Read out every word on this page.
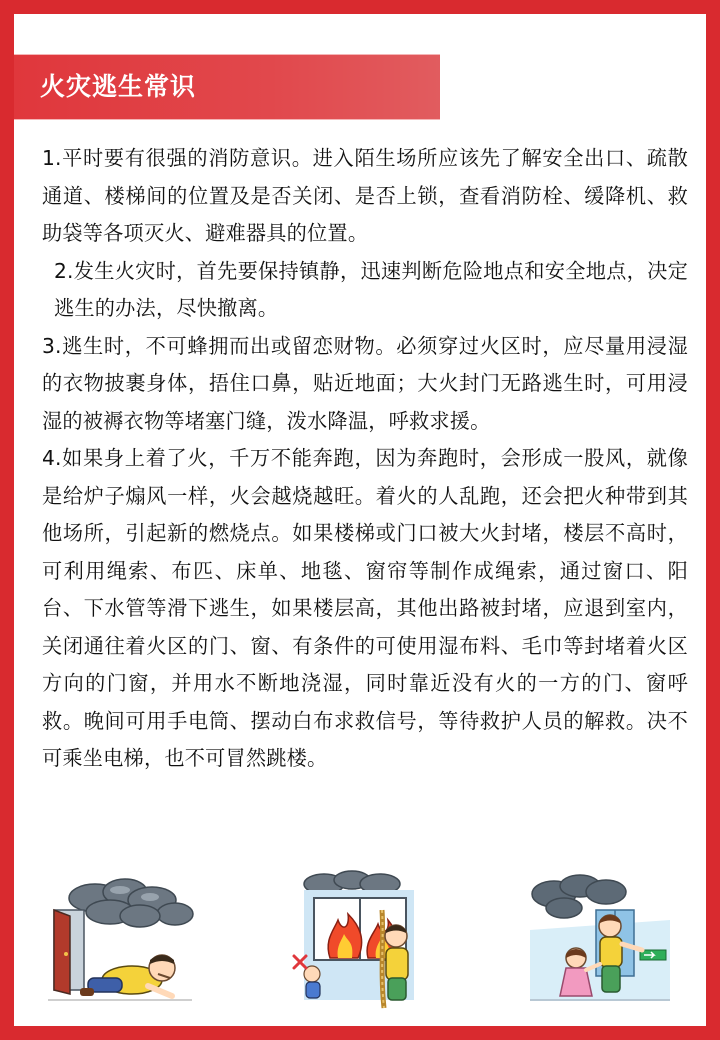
火灾逃生常识

1.平时要有很强的消防意识。进入陌生场所应该先了解安全出口、疏散通道、楼梯间的位置及是否关闭、是否上锁，查看消防栓、缓降机、救助袋等各项灭火、避难器具的位置。

2.发生火灾时，首先要保持镇静，迅速判断危险地点和安全地点，决定逃生的办法，尽快撤离。

3.逃生时，不可蜂拥而出或留恋财物。必须穿过火区时，应尽量用浸湿的衣物披裹身体，捂住口鼻，贴近地面；大火封门无路逃生时，可用浸湿的被褥衣物等堵塞门缝，泼水降温，呼救求援。

4.如果身上着了火，千万不能奔跑，因为奔跑时，会形成一股风，就像是给炉子煽风一样，火会越烧越旺。着火的人乱跑，还会把火种带到其他场所，引起新的燃烧点。如果楼梯或门口被大火封堵，楼层不高时，可利用绳索、布匹、床单、地毯、窗帘等制作成绳索，通过窗口、阳台、下水管等滑下逃生，如果楼层高，其他出路被封堵，应退到室内，关闭通往着火区的门、窗、有条件的可使用湿布料、毛巾等封堵着火区方向的门窗，并用水不断地浇湿，同时靠近没有火的一方的门、窗呼救。晚间可用手电筒、摆动白布求救信号，等待救护人员的解救。决不可乘坐电梯，也不可冒然跳楼。
